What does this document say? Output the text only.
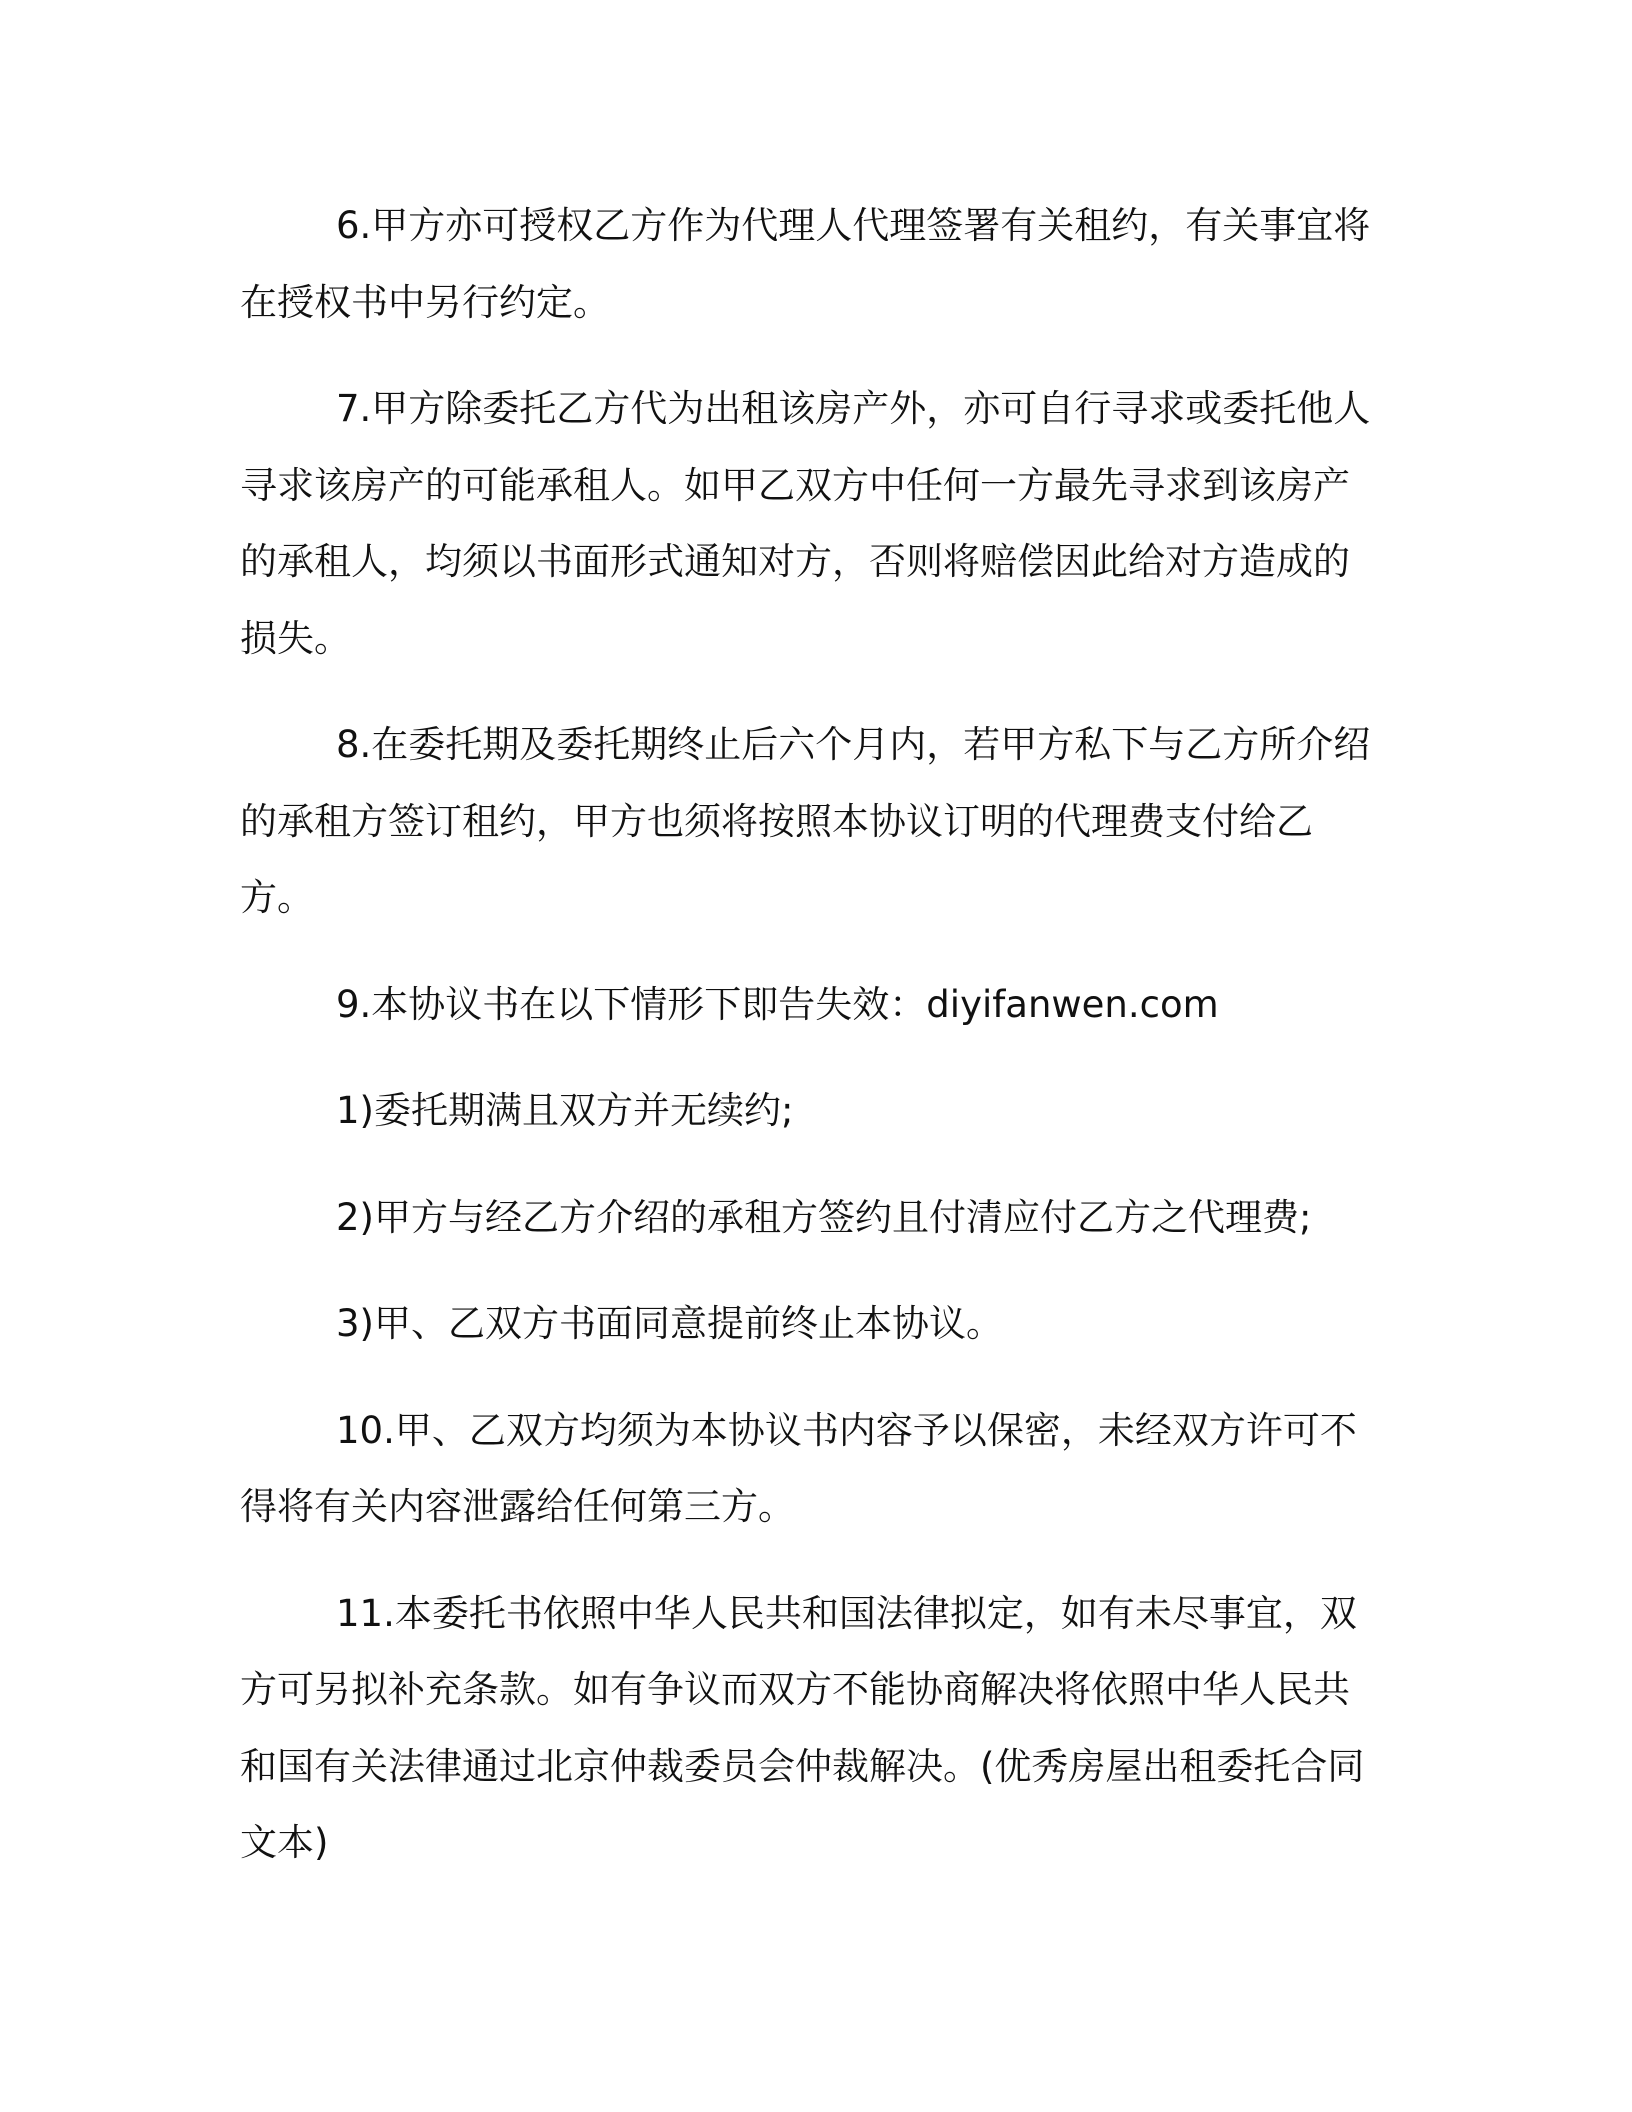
6.甲方亦可授权乙方作为代理人代理签署有关租约，有关事宜将在授权书中另行约定。

7.甲方除委托乙方代为出租该房产外，亦可自行寻求或委托他人寻求该房产的可能承租人。如甲乙双方中任何一方最先寻求到该房产的承租人，均须以书面形式通知对方，否则将赔偿因此给对方造成的损失。

8.在委托期及委托期终止后六个月内，若甲方私下与乙方所介绍的承租方签订租约，甲方也须将按照本协议订明的代理费支付给乙方。

9.本协议书在以下情形下即告失效：diyifanwen.com

1)委托期满且双方并无续约;

2)甲方与经乙方介绍的承租方签约且付清应付乙方之代理费;

3)甲、乙双方书面同意提前终止本协议。

10.甲、乙双方均须为本协议书内容予以保密，未经双方许可不得将有关内容泄露给任何第三方。

11.本委托书依照中华人民共和国法律拟定，如有未尽事宜，双方可另拟补充条款。如有争议而双方不能协商解决将依照中华人民共和国有关法律通过北京仲裁委员会仲裁解决。(优秀房屋出租委托合同文本)
